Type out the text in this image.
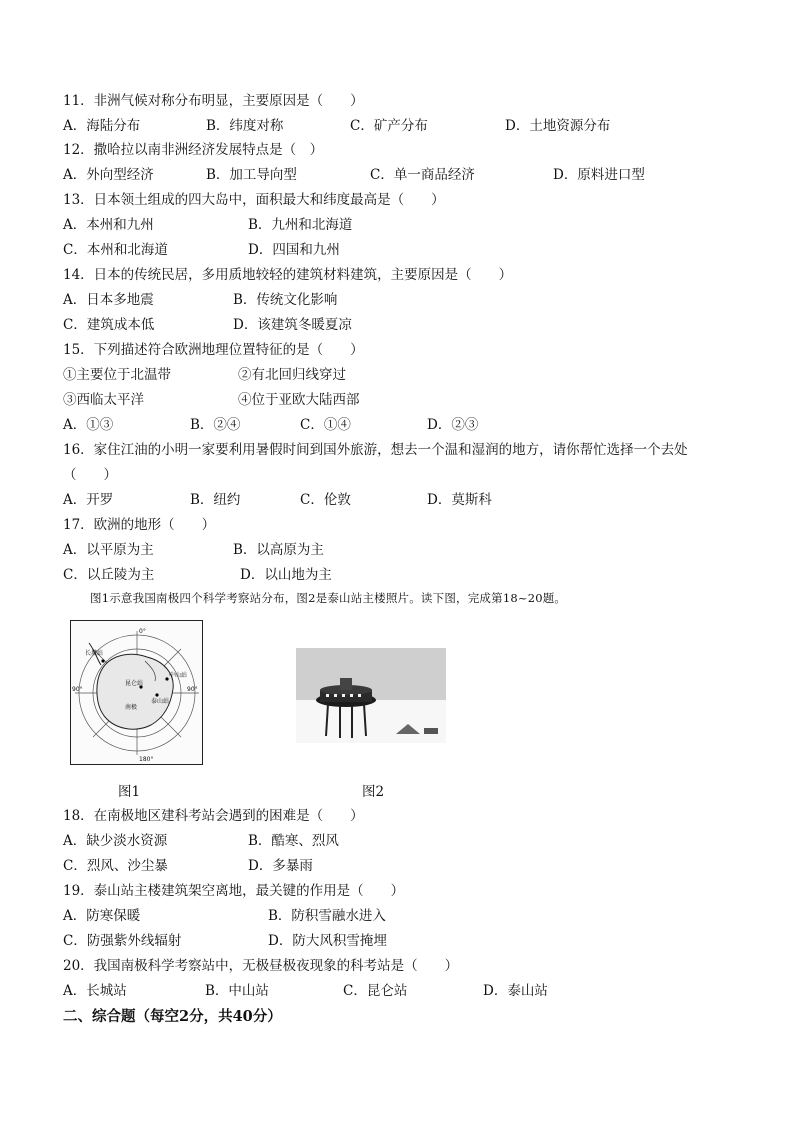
11．非洲气候对称分布明显，主要原因是（　　）
A．海陆分布	B．纬度对称	C．矿产分布	D．土地资源分布
12．撒哈拉以南非洲经济发展特点是（　）
A．外向型经济	B．加工导向型	C．单一商品经济	D．原料进口型
13．日本领土组成的四大岛中，面积最大和纬度最高是（　　）
A．本州和九州	B．九州和北海道
C．本州和北海道	D．四国和九州
14．日本的传统民居，多用质地较轻的建筑材料建筑，主要原因是（　　）
A．日本多地震	B．传统文化影响
C．建筑成本低	D．该建筑冬暖夏凉
15．下列描述符合欧洲地理位置特征的是（　　）
①主要位于北温带	②有北回归线穿过
③西临太平洋	④位于亚欧大陆西部
A．①③	B．②④	C．①④	D．②③
16．家住江油的小明一家要利用暑假时间到国外旅游，想去一个温和湿润的地方，请你帮忙选择一个去处
（　　）
A．开罗	B．纽约	C．伦敦	D．莫斯科
17．欧洲的地形（　　）
A．以平原为主	B．以高原为主
C．以丘陵为主	D．以山地为主
图1示意我国南极四个科学考察站分布，图2是泰山站主楼照片。读下图，完成第18~20题。
0°
90°	90°
180°
长城站
中山站
泰山站
昆仑站
南极
图1	图2
18．在南极地区建科考站会遇到的困难是（　　）
A．缺少淡水资源	B．酷寒、烈风
C．烈风、沙尘暴	D．多暴雨
19．泰山站主楼建筑架空离地，最关键的作用是（　　）
A．防寒保暖	B．防积雪融水进入
C．防强紫外线辐射	D．防大风积雪掩埋
20．我国南极科学考察站中，无极昼极夜现象的科考站是（　　）
A．长城站	B．中山站	C．昆仑站	D．泰山站
二、综合题（每空2分，共40分）
